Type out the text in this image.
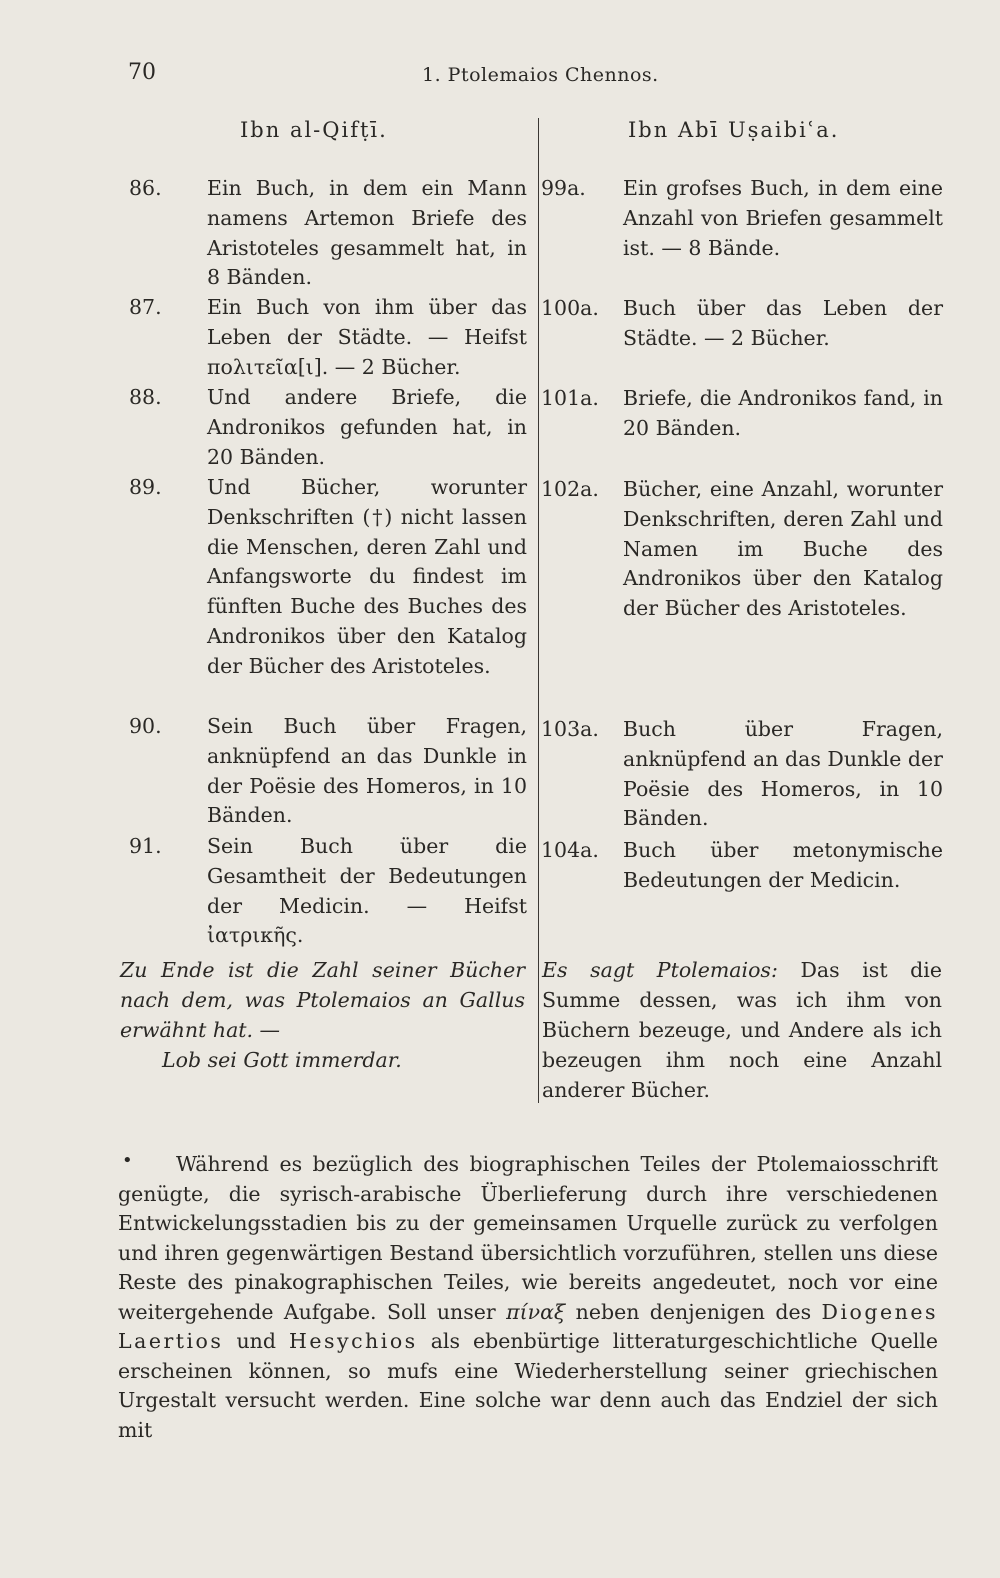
70	1. Ptolemaios Chennos.
Ibn al-Qifṭī.	Ibn Abī Uṣaibiʿa.
86. Ein Buch, in dem ein Mann namens Artemon Briefe des Aristoteles gesammelt hat, in 8 Bänden.
87. Ein Buch von ihm über das Leben der Städte. — Heifst πολιτεῖα[ι]. — 2 Bücher.
88. Und andere Briefe, die Andronikos gefunden hat, in 20 Bänden.
89. Und Bücher, worunter Denkschriften (†) nicht lassen die Menschen, deren Zahl und Anfangsworte du findest im fünften Buche des Buches des Andronikos über den Katalog der Bücher des Aristoteles.
90. Sein Buch über Fragen, anknüpfend an das Dunkle in der Poësie des Homeros, in 10 Bänden.
91. Sein Buch über die Gesamtheit der Bedeutungen der Medicin. — Heifst ἰατρικῆς.
99a. Ein grofses Buch, in dem eine Anzahl von Briefen gesammelt ist. — 8 Bände.
100a. Buch über das Leben der Städte. — 2 Bücher.
101a. Briefe, die Andronikos fand, in 20 Bänden.
102a. Bücher, eine Anzahl, worunter Denkschriften, deren Zahl und Namen im Buche des Andronikos über den Katalog der Bücher des Aristoteles.
103a. Buch über Fragen, anknüpfend an das Dunkle der Poësie des Homeros, in 10 Bänden.
104a. Buch über metonymische Bedeutungen der Medicin.
Zu Ende ist die Zahl seiner Bücher nach dem, was Ptolemaios an Gallus erwähnt hat. —
Lob sei Gott immerdar.
Es sagt Ptolemaios: Das ist die Summe dessen, was ich ihm von Büchern bezeuge, und Andere als ich bezeugen ihm noch eine Anzahl anderer Bücher.
• Während es bezüglich des biographischen Teiles der Ptolemaiosschrift genügte, die syrisch-arabische Überlieferung durch ihre verschiedenen Entwickelungsstadien bis zu der gemeinsamen Urquelle zurück zu verfolgen und ihren gegenwärtigen Bestand übersichtlich vorzuführen, stellen uns diese Reste des pinakographischen Teiles, wie bereits angedeutet, noch vor eine weitergehende Aufgabe. Soll unser πίναξ neben denjenigen des Diogenes Laertios und Hesychios als ebenbürtige litteraturgeschichtliche Quelle erscheinen können, so mufs eine Wiederherstellung seiner griechischen Urgestalt versucht werden. Eine solche war denn auch das Endziel der sich mit
